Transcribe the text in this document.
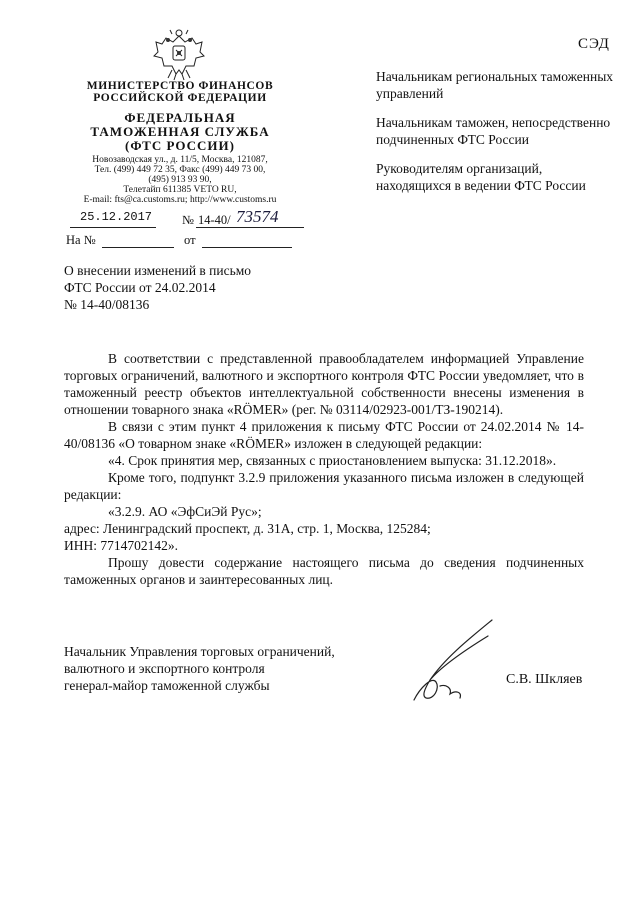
СЭД
МИНИСТЕРСТВО ФИНАНСОВ
РОССИЙСКОЙ ФЕДЕРАЦИИ
ФЕДЕРАЛЬНАЯ
ТАМОЖЕННАЯ СЛУЖБА
(ФТС РОССИИ)
Новозаводская ул., д. 11/5, Москва, 121087,
Тел. (499) 449 72 35, Факс (499) 449 73 00,
(495) 913 93 90,
Телетайп 611385 VETO RU,
E-mail: fts@ca.customs.ru; http://www.customs.ru
25.12.2017 № 14-40/ 73574
На №	от

Начальникам региональных таможенных управлений

Начальникам таможен, непосредственно подчиненных ФТС России

Руководителям организаций, находящихся в ведении ФТС России

О внесении изменений в письмо
ФТС России от 24.02.2014
№ 14-40/08136

В соответствии с представленной правообладателем информацией Управление торговых ограничений, валютного и экспортного контроля ФТС России уведомляет, что в таможенный реестр объектов интеллектуальной собственности внесены изменения в отношении товарного знака «RÖMER» (рег. № 03114/02923-001/ТЗ-190214).

В связи с этим пункт 4 приложения к письму ФТС России от 24.02.2014 № 14-40/08136 «О товарном знаке «RÖMER» изложен в следующей редакции:

«4. Срок принятия мер, связанных с приостановлением выпуска: 31.12.2018».

Кроме того, подпункт 3.2.9 приложения указанного письма изложен в следующей редакции:

«3.2.9. АО «ЭфСиЭй Рус»;

адрес: Ленинградский проспект, д. 31А, стр. 1, Москва, 125284;

ИНН: 7714702142».

Прошу довести содержание настоящего письма до сведения подчиненных таможенных органов и заинтересованных лиц.

Начальник Управления торговых ограничений,
валютного и экспортного контроля
генерал-майор таможенной службы	С.В. Шкляев
